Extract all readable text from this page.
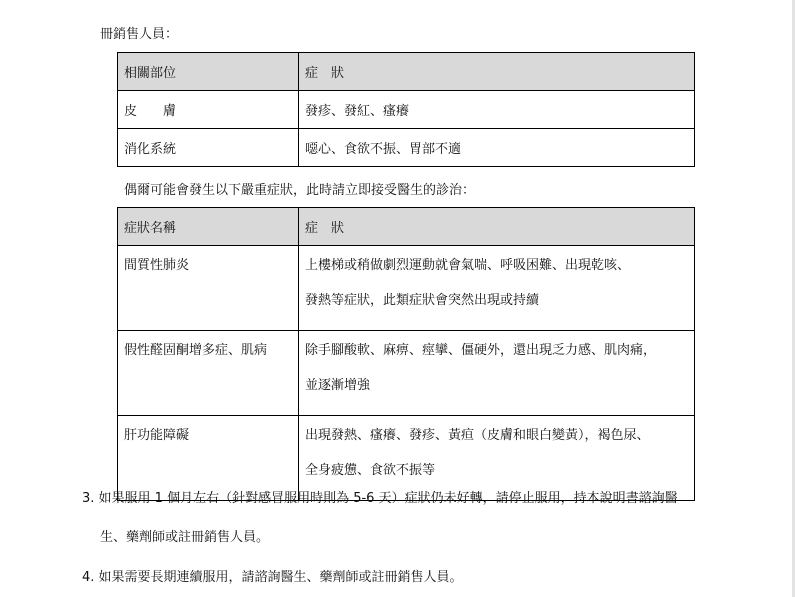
冊銷售人員：
相關部位	症　狀
皮　　膚	發疹、發紅、瘙癢
消化系統	噁心、食欲不振、胃部不適
偶爾可能會發生以下嚴重症狀，此時請立即接受醫生的診治：
症狀名稱	症　狀
間質性肺炎	上樓梯或稍做劇烈運動就會氣喘、呼吸困難、出現乾咳、
發熱等症狀，此類症狀會突然出現或持續

假性醛固酮增多症、肌病	除手腳酸軟、麻痹、痙攣、僵硬外，還出現乏力感、肌肉痛，
並逐漸增強

肝功能障礙	出現發熱、瘙癢、發疹、黃疸（皮膚和眼白變黃），褐色尿、
全身疲憊、食欲不振等
3. 如果服用 1 個月左右（針對感冒服用時則為 5-6 天）症狀仍未好轉，請停止服用，持本說明書諮詢醫
生、藥劑師或註冊銷售人員。
4. 如果需要長期連續服用，請諮詢醫生、藥劑師或註冊銷售人員。
